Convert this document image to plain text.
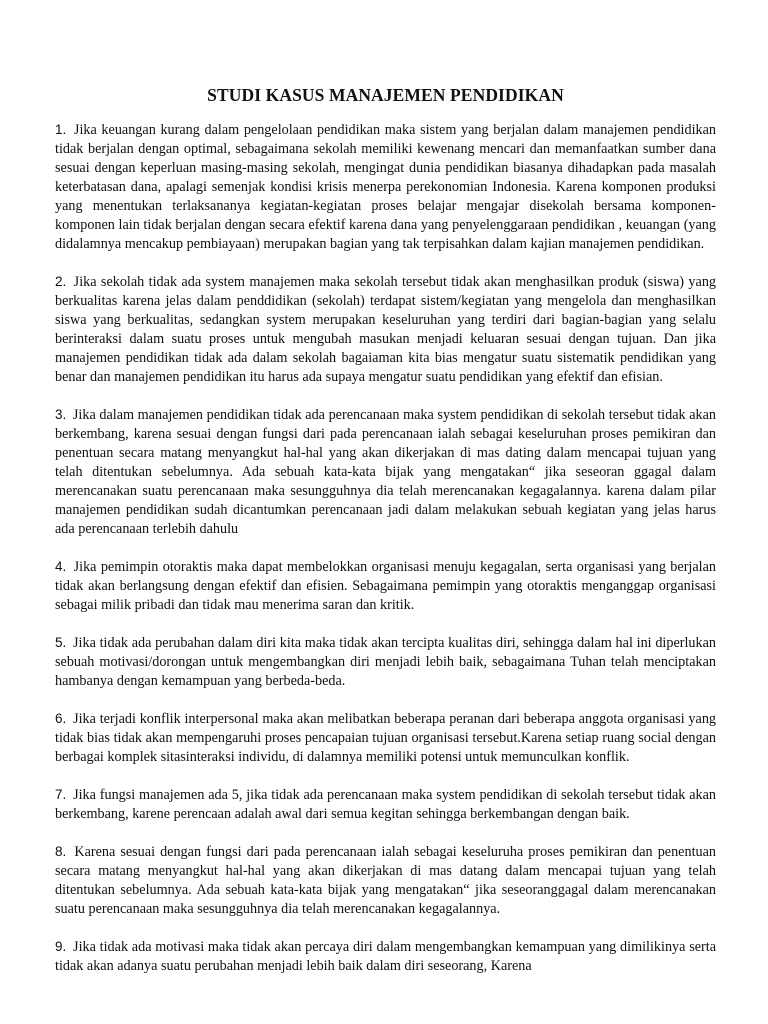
STUDI KASUS MANAJEMEN PENDIDIKAN

1. Jika keuangan kurang dalam pengelolaan pendidikan maka sistem yang berjalan dalam manajemen pendidikan tidak berjalan dengan optimal, sebagaimana sekolah memiliki kewenang mencari dan memanfaatkan sumber dana sesuai dengan keperluan masing-masing sekolah, mengingat dunia pendidikan biasanya dihadapkan pada masalah keterbatasan dana, apalagi semenjak kondisi krisis menerpa perekonomian Indonesia. Karena komponen produksi yang menentukan terlaksananya kegiatan-kegiatan proses belajar mengajar disekolah bersama komponen-komponen lain tidak berjalan dengan secara efektif karena dana yang penyelenggaraan pendidikan , keuangan (yang didalamnya mencakup pembiayaan) merupakan bagian yang tak terpisahkan dalam kajian manajemen pendidikan.

2. Jika sekolah tidak ada system manajemen maka sekolah tersebut tidak akan menghasilkan produk (siswa) yang berkualitas karena jelas dalam penddidikan (sekolah) terdapat sistem/kegiatan yang mengelola dan menghasilkan siswa yang berkualitas, sedangkan system merupakan keseluruhan yang terdiri dari bagian-bagian yang selalu berinteraksi dalam suatu proses untuk mengubah masukan menjadi keluaran sesuai dengan tujuan. Dan jika manajemen pendidikan tidak ada dalam sekolah bagaiaman kita bias mengatur suatu sistematik pendidikan yang benar dan manajemen pendidikan itu harus ada supaya mengatur suatu pendidikan yang efektif dan efisian.

3. Jika dalam manajemen pendidikan tidak ada perencanaan maka system pendidikan di sekolah tersebut tidak akan berkembang, karena sesuai dengan fungsi dari pada perencanaan ialah sebagai keseluruhan proses pemikiran dan penentuan secara matang menyangkut hal-hal yang akan dikerjakan di mas dating dalam mencapai tujuan yang telah ditentukan sebelumnya. Ada sebuah kata-kata bijak yang mengatakan“ jika seseoran ggagal dalam merencanakan suatu perencanaan maka sesungguhnya dia telah merencanakan kegagalannya. karena dalam pilar manajemen pendidikan sudah dicantumkan perencanaan jadi dalam melakukan sebuah kegiatan yang jelas harus ada perencanaan terlebih dahulu

4. Jika pemimpin otoraktis maka dapat membelokkan organisasi menuju kegagalan, serta organisasi yang berjalan tidak akan berlangsung dengan efektif dan efisien. Sebagaimana pemimpin yang otoraktis menganggap organisasi sebagai milik pribadi dan tidak mau menerima saran dan kritik.

5. Jika tidak ada perubahan dalam diri kita maka tidak akan tercipta kualitas diri, sehingga dalam hal ini diperlukan sebuah motivasi/dorongan untuk mengembangkan diri menjadi lebih baik, sebagaimana Tuhan telah menciptakan hambanya dengan kemampuan yang berbeda-beda.

6. Jika terjadi konflik interpersonal maka akan melibatkan beberapa peranan dari beberapa anggota organisasi yang tidak bias tidak akan mempengaruhi proses pencapaian tujuan organisasi tersebut.Karena setiap ruang social dengan berbagai komplek sitasinteraksi individu, di dalamnya memiliki potensi untuk memunculkan konflik.

7. Jika fungsi manajemen ada 5, jika tidak ada perencanaan maka system pendidikan di sekolah tersebut tidak akan berkembang, karene perencaan adalah awal dari semua kegitan sehingga berkembangan dengan baik.

8. Karena sesuai dengan fungsi dari pada perencanaan ialah sebagai keseluruha proses pemikiran dan penentuan secara matang menyangkut hal-hal yang akan dikerjakan di mas datang dalam mencapai tujuan yang telah ditentukan sebelumnya. Ada sebuah kata-kata bijak yang mengatakan“ jika seseoranggagal dalam merencanakan suatu perencanaan maka sesungguhnya dia telah merencanakan kegagalannya.

9. Jika tidak ada motivasi maka tidak akan percaya diri dalam mengembangkan kemampuan yang dimilikinya serta tidak akan adanya suatu perubahan menjadi lebih baik dalam diri seseorang, Karena
